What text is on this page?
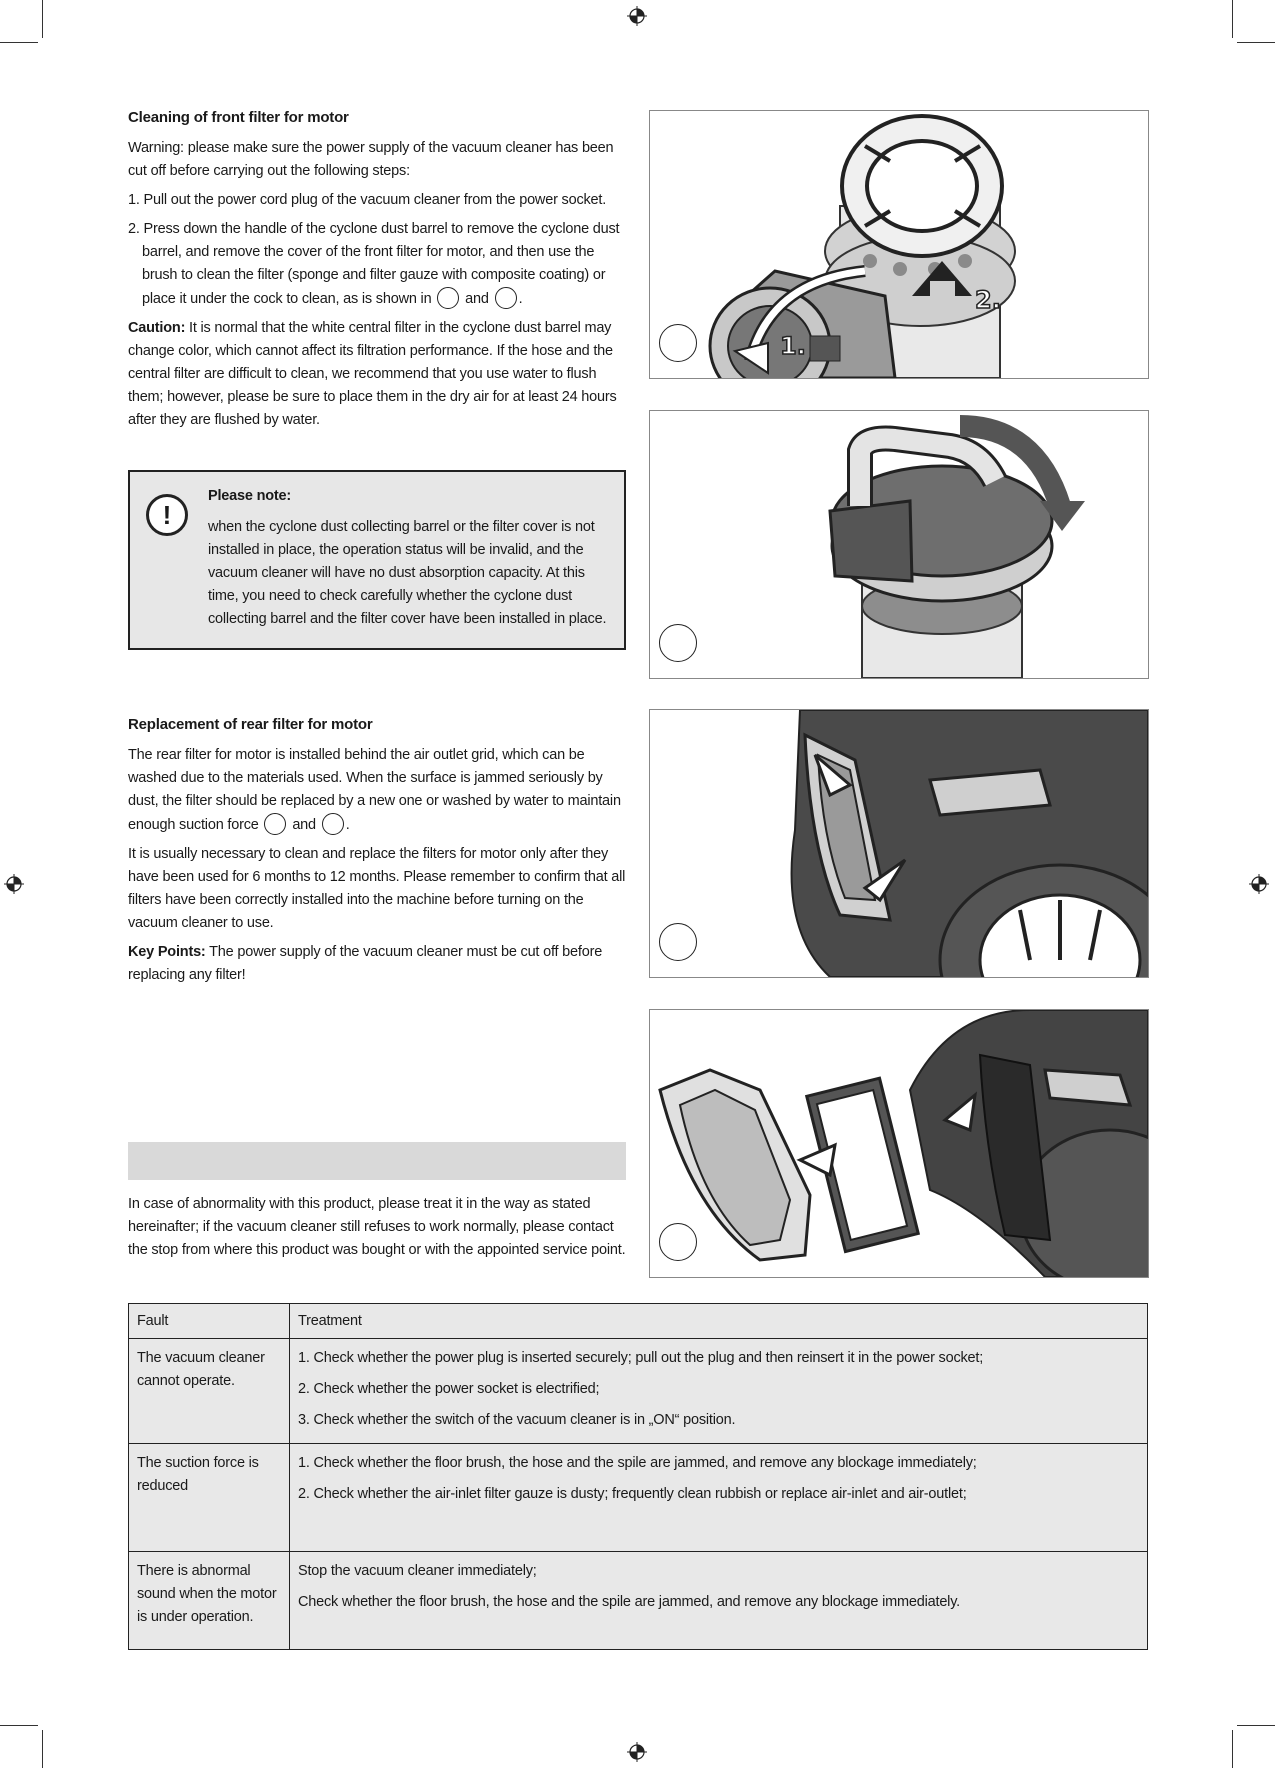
Cleaning of front filter for motor

Warning: please make sure the power supply of the vacuum cleaner has been cut off before carrying out the following steps:

1. Pull out the power cord plug of the vacuum cleaner from the power socket.

2. Press down the handle of the cyclone dust barrel to remove the cyclone dust barrel, and remove the cover of the front filter for motor, and then use the brush to clean the filter (sponge and filter gauze with composite coating) or place it under the cock to clean, as is shown in and .

Caution: It is normal that the white central filter in the cyclone dust barrel may change color, which cannot affect its filtration performance. If the hose and the central filter are difficult to clean, we recommend that you use water to flush them; however, please be sure to place them in the dry air for at least 24 hours after they are flushed by water.

!
Please note:
when the cyclone dust collecting barrel or the filter cover is not installed in place, the operation status will be invalid, and the vacuum cleaner will have no dust absorption capacity. At this time, you need to check carefully whether the cyclone dust collecting barrel and the filter cover have been installed in place.
Replacement of rear filter for motor

The rear filter for motor is installed behind the air outlet grid, which can be washed due to the materials used. When the surface is jammed seriously by dust, the filter should be replaced by a new one or washed by water to maintain enough suction force and .

It is usually necessary to clean and replace the filters for motor only after they have been used for 6 months to 12 months. Please remember to confirm that all filters have been correctly installed into the machine before turning on the vacuum cleaner to use.

Key Points: The power supply of the vacuum cleaner must be cut off before replacing any filter!

In case of abnormality with this product, please treat it in the way as stated hereinafter; if the vacuum cleaner still refuses to work normally, please contact the stop from where this product was bought or with the appointed service point.
2.
1.
Fault	Treatment
The vacuum cleaner cannot operate.	1. Check whether the power plug is inserted securely; pull out the plug and then reinsert it in the power socket;
2. Check whether the power socket is electrified;
3. Check whether the switch of the vacuum cleaner is in „ON“ position.

The suction force is reduced	1. Check whether the floor brush, the hose and the spile are jammed, and remove any blockage immediately;
2. Check whether the air-inlet filter gauze is dusty; frequently clean rubbish or replace air-inlet and air-outlet;

There is abnormal sound when the motor is under operation.	Stop the vacuum cleaner immediately;
Check whether the floor brush, the hose and the spile are jammed, and remove any blockage immediately.
